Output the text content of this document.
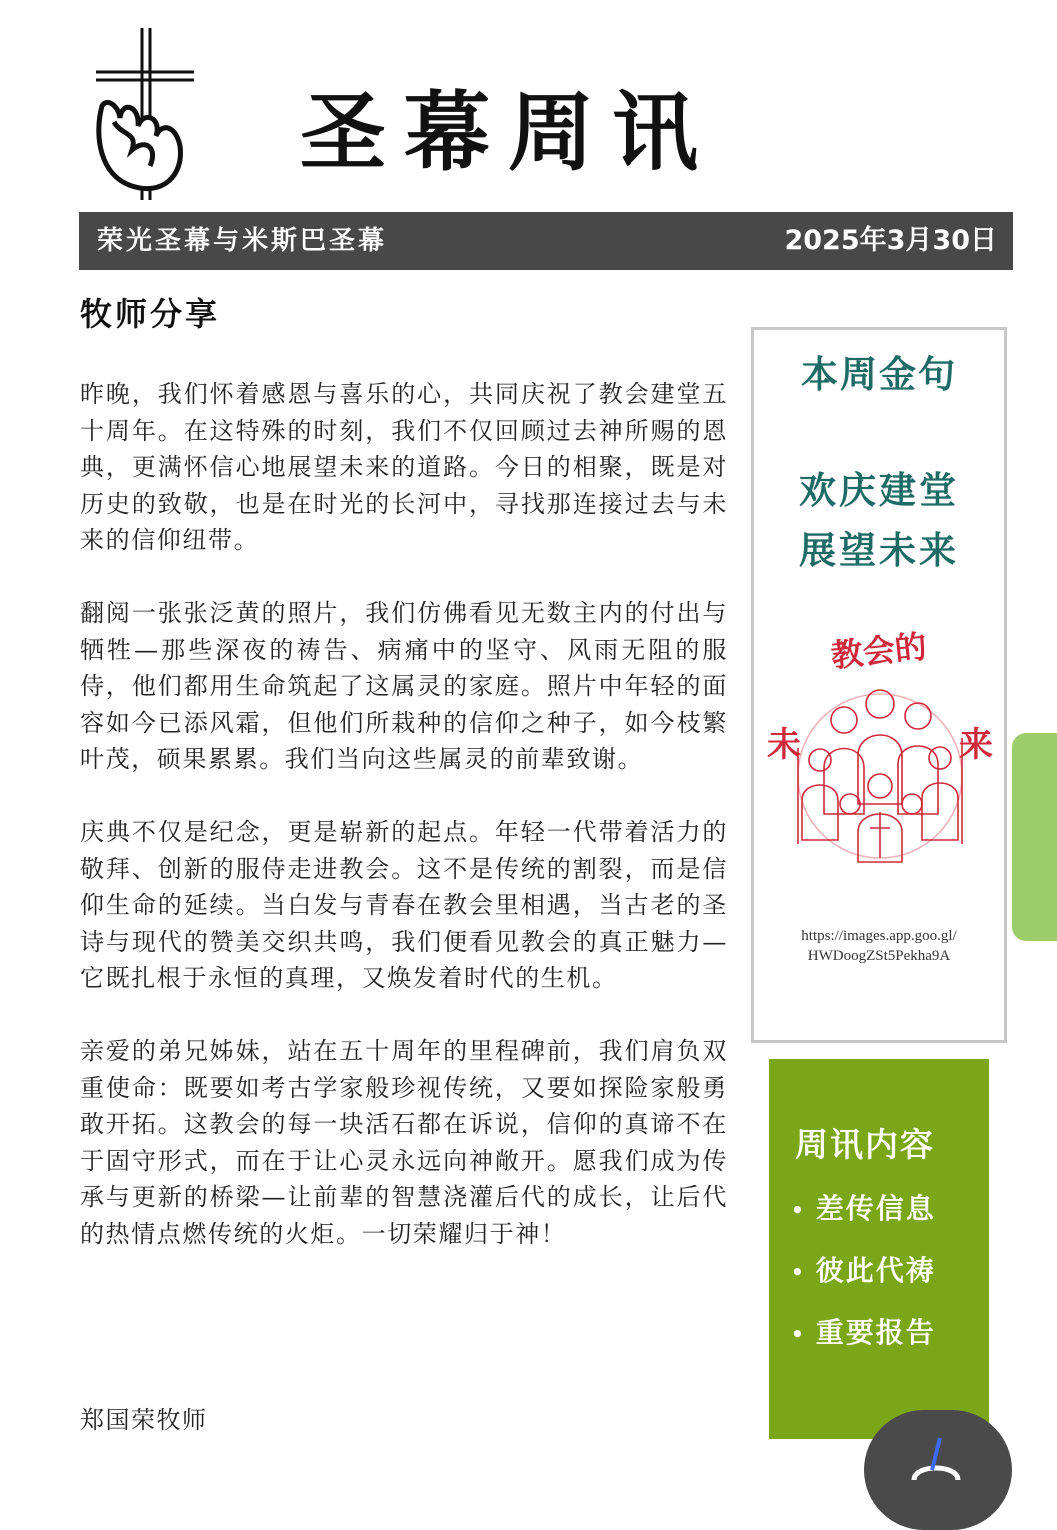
圣幕周讯
荣光圣幕与米斯巴圣幕	2025年3月30日
牧师分享

昨晚，我们怀着感恩与喜乐的心，共同庆祝了教会建堂五十周年。在这特殊的时刻，我们不仅回顾过去神所赐的恩典，更满怀信心地展望未来的道路。今日的相聚，既是对历史的致敬，也是在时光的长河中，寻找那连接过去与未来的信仰纽带。

翻阅一张张泛黄的照片，我们仿佛看见无数主内的付出与牺牲—那些深夜的祷告、病痛中的坚守、风雨无阻的服侍，他们都用生命筑起了这属灵的家庭。照片中年轻的面容如今已添风霜，但他们所栽种的信仰之种子，如今枝繁叶茂，硕果累累。我们当向这些属灵的前辈致谢。

庆典不仅是纪念，更是崭新的起点。年轻一代带着活力的敬拜、创新的服侍走进教会。这不是传统的割裂，而是信仰生命的延续。当白发与青春在教会里相遇，当古老的圣诗与现代的赞美交织共鸣，我们便看见教会的真正魅力—它既扎根于永恒的真理，又焕发着时代的生机。

亲爱的弟兄姊妹，站在五十周年的里程碑前，我们肩负双重使命：既要如考古学家般珍视传统，又要如探险家般勇敢开拓。这教会的每一块活石都在诉说，信仰的真谛不在于固守形式，而在于让心灵永远向神敞开。愿我们成为传承与更新的桥梁—让前辈的智慧浇灌后代的成长，让后代的热情点燃传统的火炬。一切荣耀归于神！

郑国荣牧师
本周金句
欢庆建堂
展望未来
教会的
未	来
https://images.app.goo.gl/
HWDoogZSt5Pekha9A
周讯内容
• 差传信息
• 彼此代祷
• 重要报告
